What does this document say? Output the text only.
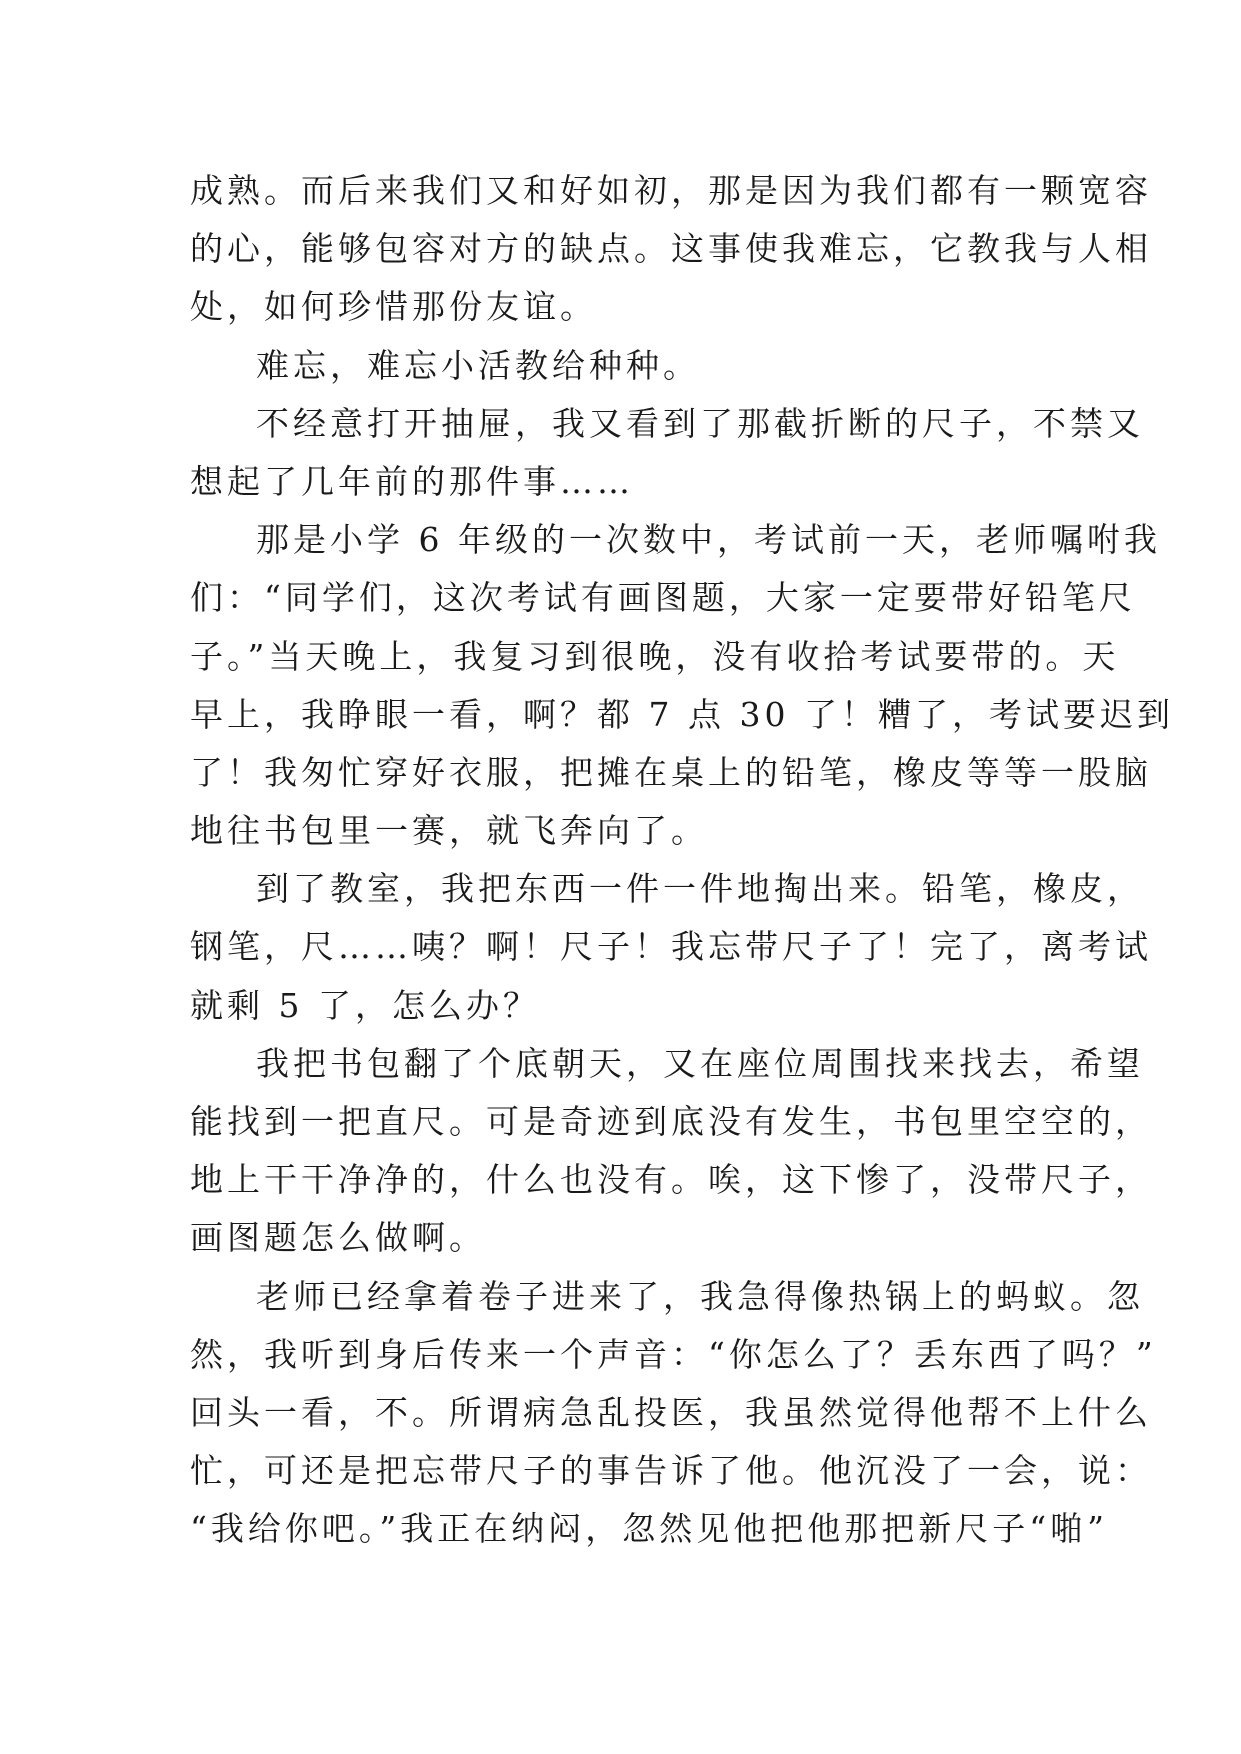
成熟。而后来我们又和好如初，那是因为我们都有一颗宽容
的心，能够包容对方的缺点。这事使我难忘，它教我与人相
处，如何珍惜那份友谊。
难忘，难忘小活教给种种。
不经意打开抽屉，我又看到了那截折断的尺子，不禁又
想起了几年前的那件事……
那是小学 6 年级的一次数中，考试前一天，老师嘱咐我
们：“同学们，这次考试有画图题，大家一定要带好铅笔尺
子。”当天晚上，我复习到很晚，没有收拾考试要带的。天
早上，我睁眼一看，啊？都 7 点 30 了！糟了，考试要迟到
了！我匆忙穿好衣服，把摊在桌上的铅笔，橡皮等等一股脑
地往书包里一赛，就飞奔向了。
到了教室，我把东西一件一件地掏出来。铅笔，橡皮，
钢笔，尺……咦？啊！尺子！我忘带尺子了！完了，离考试
就剩 5 了，怎么办？
我把书包翻了个底朝天，又在座位周围找来找去，希望
能找到一把直尺。可是奇迹到底没有发生，书包里空空的，
地上干干净净的，什么也没有。唉，这下惨了，没带尺子，
画图题怎么做啊。
老师已经拿着卷子进来了，我急得像热锅上的蚂蚁。忽
然，我听到身后传来一个声音：“你怎么了？丢东西了吗？”
回头一看，不。所谓病急乱投医，我虽然觉得他帮不上什么
忙，可还是把忘带尺子的事告诉了他。他沉没了一会，说：
“我给你吧。”我正在纳闷，忽然见他把他那把新尺子“啪”
